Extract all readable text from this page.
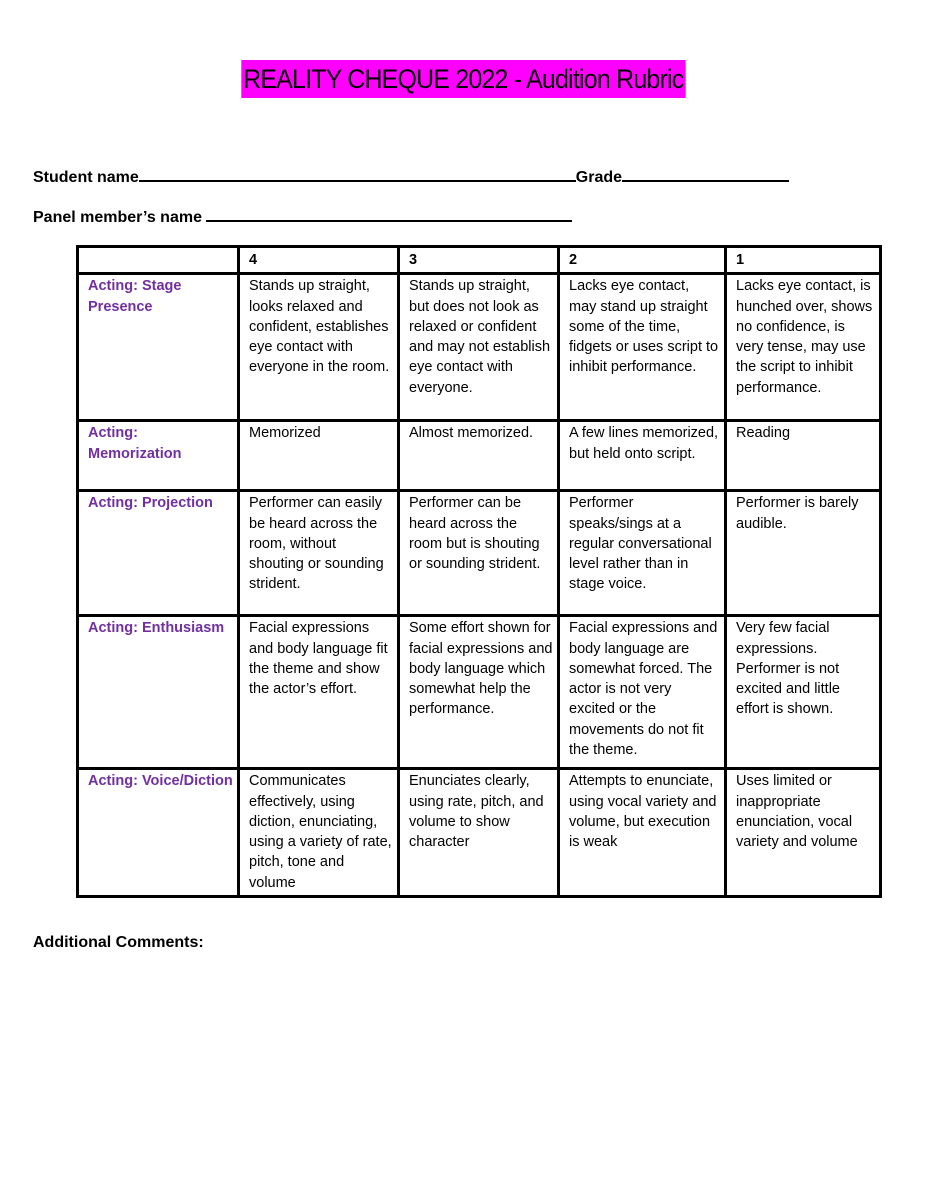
REALITY CHEQUE 2022 - Audition Rubric
Student name	Grade
Panel member’s name
	4	3	2	1
Acting: Stage Presence	Stands up straight, looks relaxed and confident, establishes eye contact with everyone in the room.	Stands up straight, but does not look as relaxed or confident and may not establish eye contact with everyone.	Lacks eye contact, may stand up straight some of the time, fidgets or uses script to inhibit performance.	Lacks eye contact, is hunched over, shows no confidence, is very tense, may use the script to inhibit performance.
Acting: Memorization	Memorized	Almost memorized.	A few lines memorized, but held onto script.	Reading
Acting: Projection	Performer can easily be heard across the room, without shouting or sounding strident.	Performer can be heard across the room but is shouting or sounding strident.	Performer speaks/sings at a regular conversational level rather than in stage voice.	Performer is barely audible.
Acting: Enthusiasm	Facial expressions and body language fit the theme and show the actor’s effort.	Some effort shown for facial expressions and body language which somewhat help the performance.	Facial expressions and body language are somewhat forced. The actor is not very excited or the movements do not fit the theme.	Very few facial expressions. Performer is not excited and little effort is shown.
Acting: Voice/Diction	Communicates effectively, using diction, enunciating, using a variety of rate, pitch, tone and volume	Enunciates clearly, using rate, pitch, and volume to show character	Attempts to enunciate, using vocal variety and volume, but execution is weak	Uses limited or inappropriate enunciation, vocal variety and volume
Additional Comments:
